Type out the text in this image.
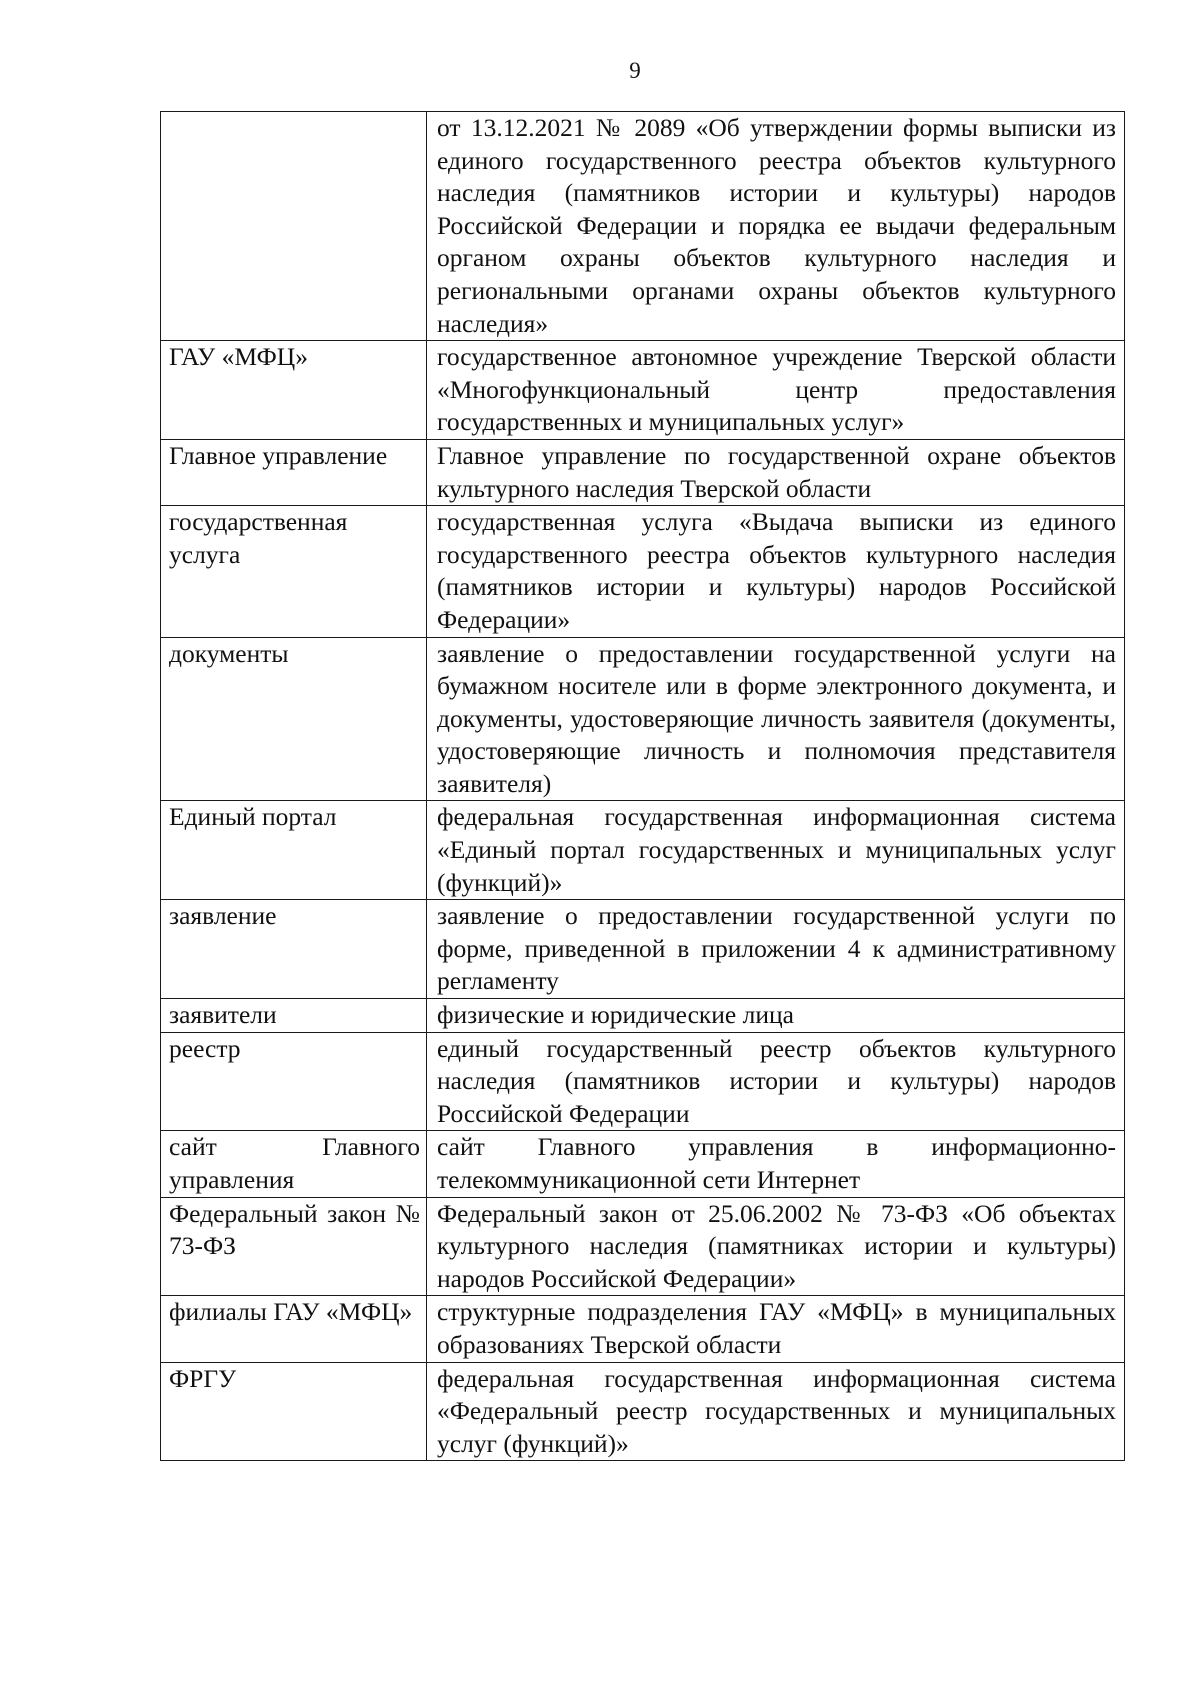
9
	от 13.12.2021 № 2089 «Об утверждении формы выписки из единого государственного реестра объектов культурного наследия (памятников истории и культуры) народов Российской Федерации и порядка ее выдачи федеральным органом охраны объектов культурного наследия и региональными органами охраны объектов культурного наследия»
ГАУ «МФЦ»	государственное автономное учреждение Тверской области «Многофункциональный центр предоставления государственных и муниципальных услуг»
Главное управление	Главное управление по государственной охране объектов культурного наследия Тверской области
государственная услуга	государственная услуга «Выдача выписки из единого государственного реестра объектов культурного наследия (памятников истории и культуры) народов Российской Федерации»
документы	заявление о предоставлении государственной услуги на бумажном носителе или в форме электронного документа, и документы, удостоверяющие личность заявителя (документы, удостоверяющие личность и полномочия представителя заявителя)
Единый портал	федеральная государственная информационная система «Единый портал государственных и муниципальных услуг (функций)»
заявление	заявление о предоставлении государственной услуги по форме, приведенной в приложении 4 к административному регламенту
заявители	физические и юридические лица
реестр	единый государственный реестр объектов культурного наследия (памятников истории и культуры) народов Российской Федерации
сайт Главного управления	сайт Главного управления в информационно-телекоммуникационной сети Интернет
Федеральный закон № 73-ФЗ	Федеральный закон от 25.06.2002 № 73-ФЗ «Об объектах культурного наследия (памятниках истории и культуры) народов Российской Федерации»
филиалы ГАУ «МФЦ»	структурные подразделения ГАУ «МФЦ» в муниципальных образованиях Тверской области
ФРГУ	федеральная государственная информационная система «Федеральный реестр государственных и муниципальных услуг (функций)»
